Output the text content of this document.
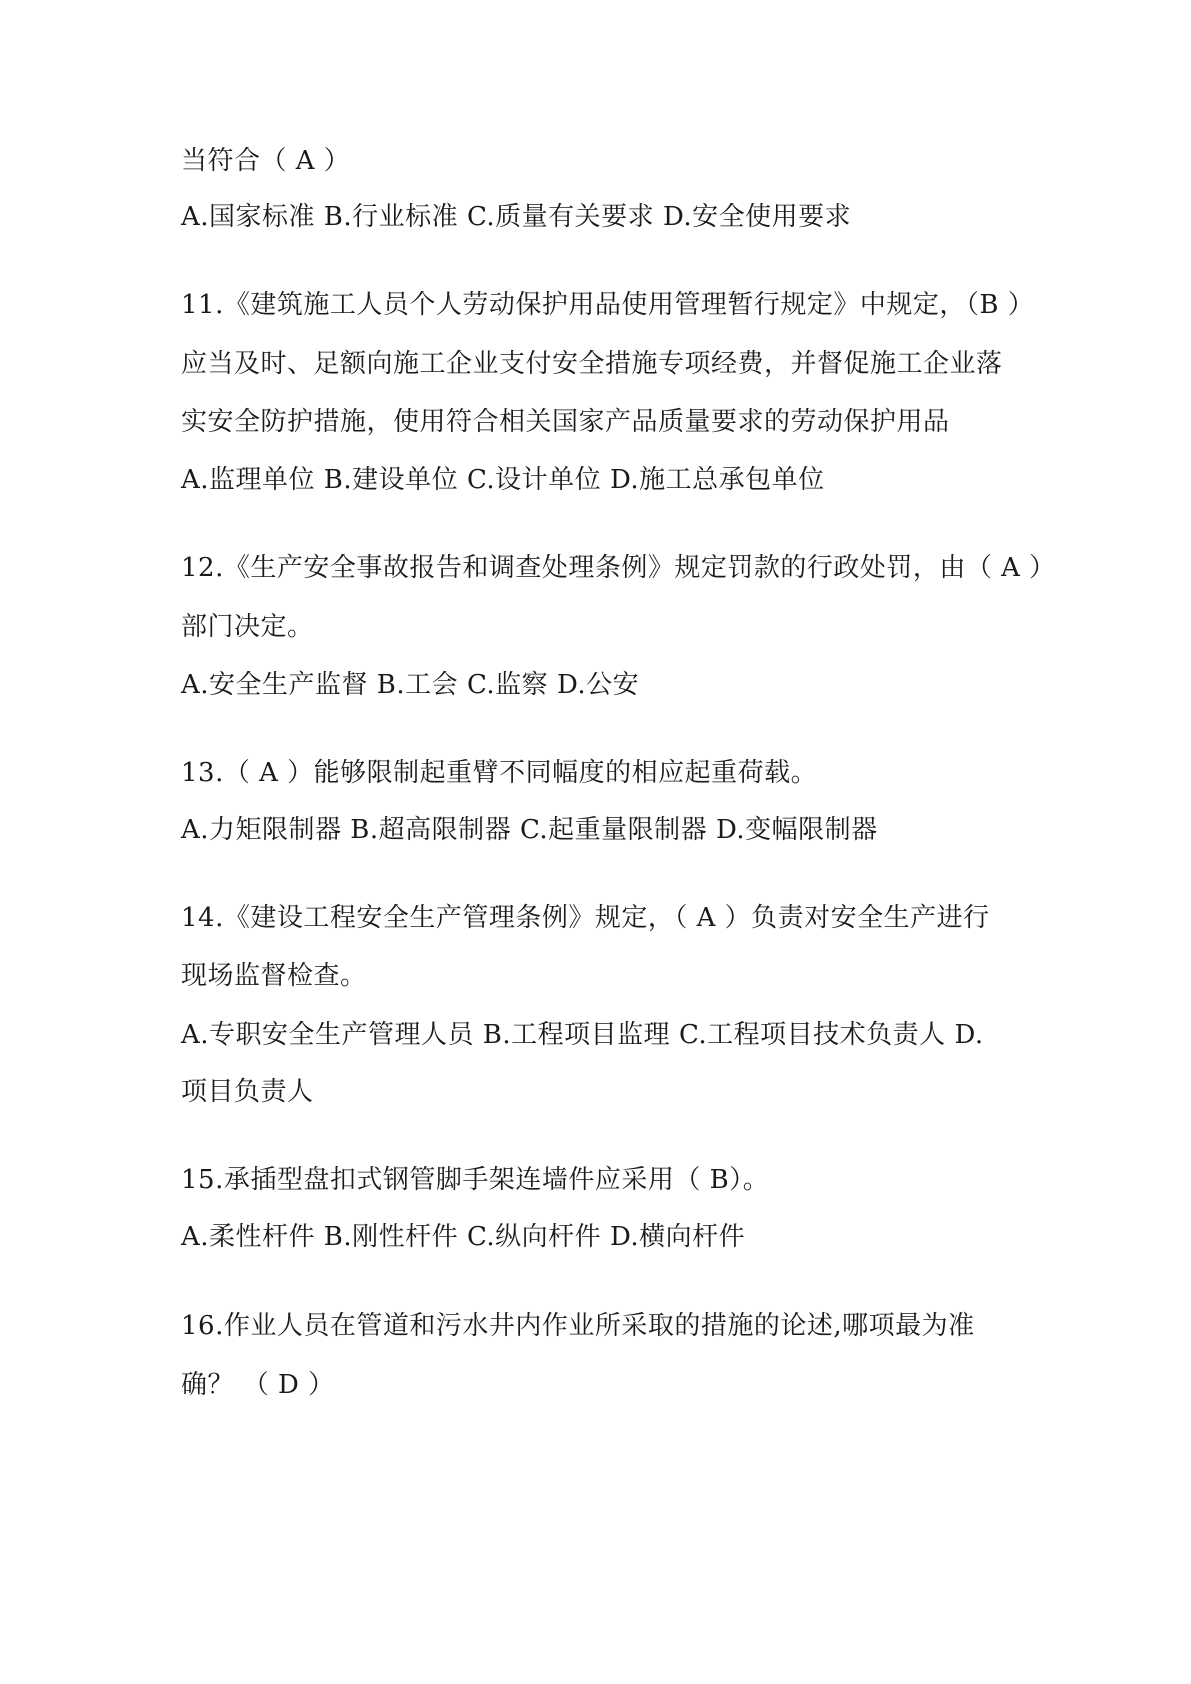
当符合（ A ）
A.国家标准 B.行业标准 C.质量有关要求 D.安全使用要求
11.《建筑施工人员个人劳动保护用品使用管理暂行规定》中规定，（B ）
应当及时、足额向施工企业支付安全措施专项经费，并督促施工企业落
实安全防护措施，使用符合相关国家产品质量要求的劳动保护用品
A.监理单位 B.建设单位 C.设计单位 D.施工总承包单位
12.《生产安全事故报告和调查处理条例》规定罚款的行政处罚，由（ A ）
部门决定。
A.安全生产监督 B.工会 C.监察 D.公安
13.（ A ）能够限制起重臂不同幅度的相应起重荷载。
A.力矩限制器 B.超高限制器 C.起重量限制器 D.变幅限制器
14.《建设工程安全生产管理条例》规定，（ A ）负责对安全生产进行
现场监督检查。
A.专职安全生产管理人员 B.工程项目监理 C.工程项目技术负责人 D.
项目负责人
15.承插型盘扣式钢管脚手架连墙件应采用（ B）。
A.柔性杆件 B.刚性杆件 C.纵向杆件 D.横向杆件
16.作业人员在管道和污水井内作业所采取的措施的论述,哪项最为准
确？ （ D ）
